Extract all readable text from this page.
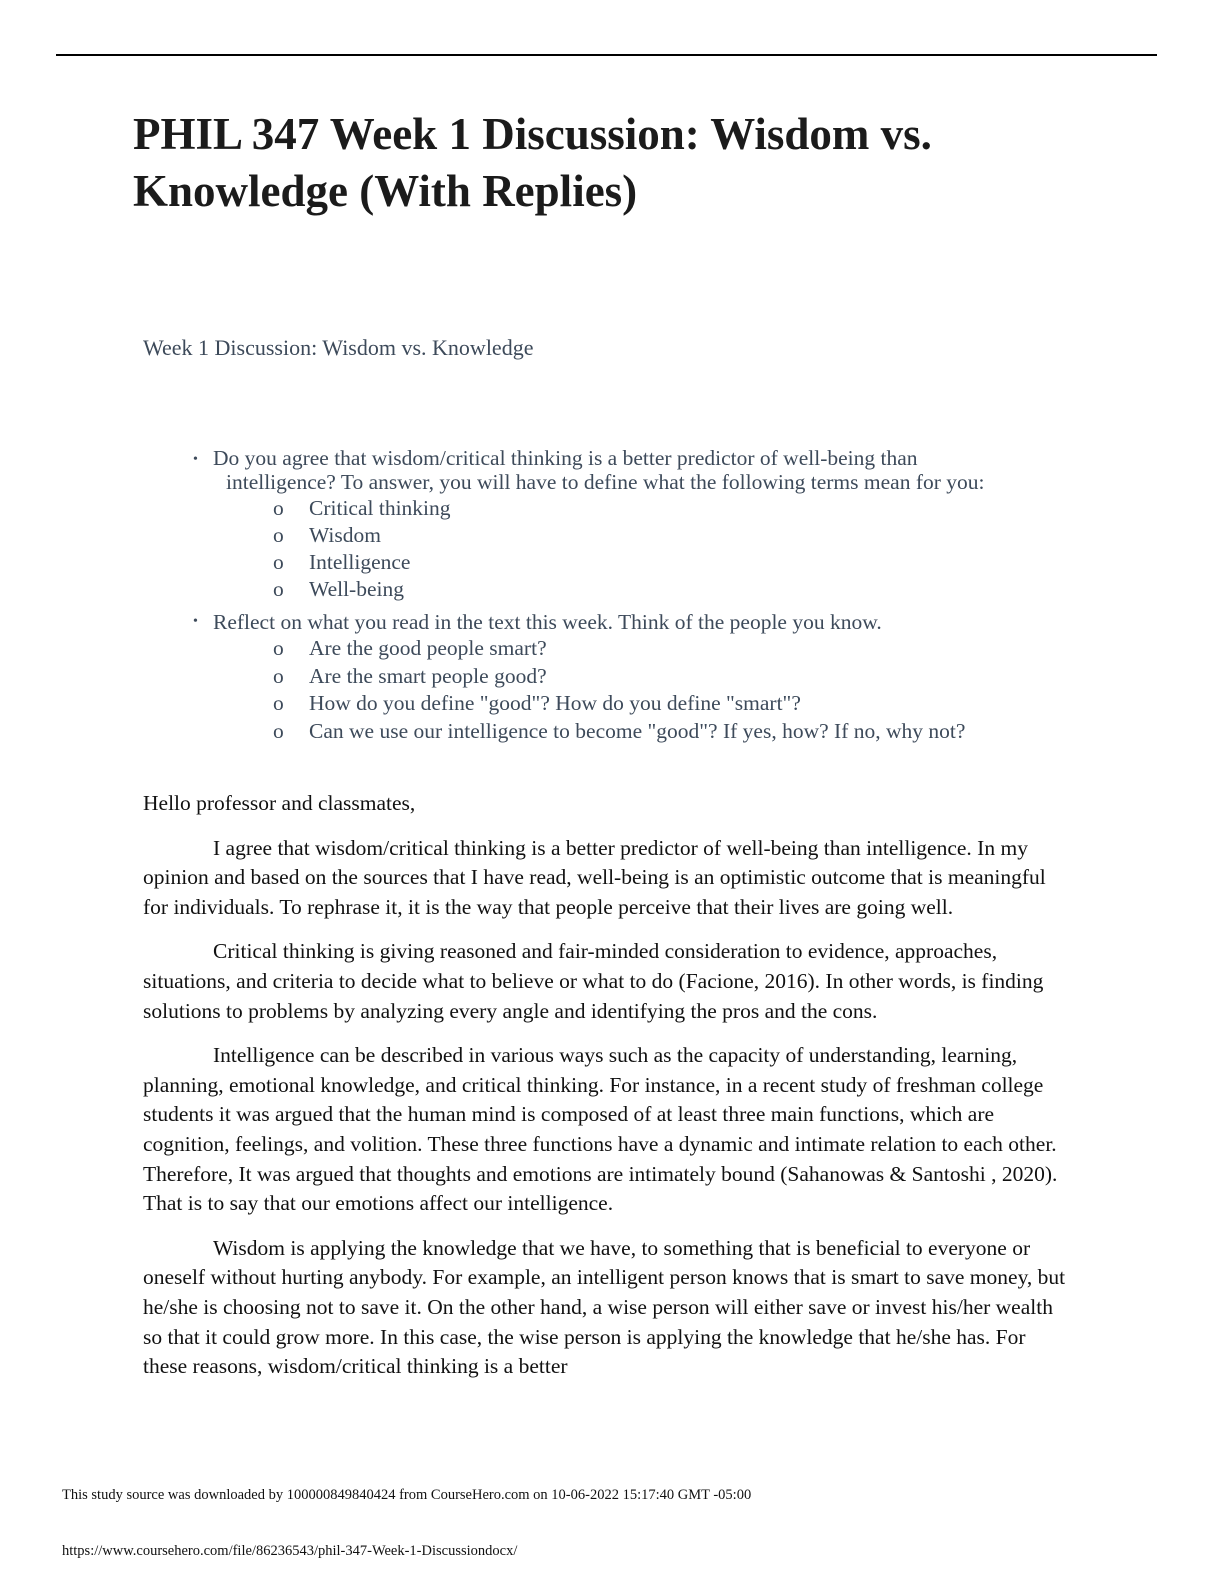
PHIL 347 Week 1 Discussion: Wisdom vs. Knowledge (With Replies)
Week 1 Discussion: Wisdom vs. Knowledge
• Do you agree that wisdom/critical thinking is a better predictor of well-being than
intelligence? To answer, you will have to define what the following terms mean for you:
o Critical thinking
o Wisdom
o Intelligence
o Well-being
• Reflect on what you read in the text this week. Think of the people you know.
o Are the good people smart?
o Are the smart people good?
o How do you define "good"? How do you define "smart"?
o Can we use our intelligence to become "good"? If yes, how? If no, why not?

Hello professor and classmates,

I agree that wisdom/critical thinking is a better predictor of well-being than intelligence. In my opinion and based on the sources that I have read, well-being is an optimistic outcome that is meaningful for individuals. To rephrase it, it is the way that people perceive that their lives are going well.

Critical thinking is giving reasoned and fair-minded consideration to evidence, approaches, situations, and criteria to decide what to believe or what to do (Facione, 2016). In other words, is finding solutions to problems by analyzing every angle and identifying the pros and the cons.

Intelligence can be described in various ways such as the capacity of understanding, learning, planning, emotional knowledge, and critical thinking. For instance, in a recent study of freshman college students it was argued that the human mind is composed of at least three main functions, which are cognition, feelings, and volition. These three functions have a dynamic and intimate relation to each other. Therefore, It was argued that thoughts and emotions are intimately bound (Sahanowas & Santoshi , 2020). That is to say that our emotions affect our intelligence.

Wisdom is applying the knowledge that we have, to something that is beneficial to everyone or oneself without hurting anybody. For example, an intelligent person knows that is smart to save money, but he/she is choosing not to save it. On the other hand, a wise person will either save or invest his/her wealth so that it could grow more. In this case, the wise person is applying the knowledge that he/she has. For these reasons, wisdom/critical thinking is a better

This study source was downloaded by 100000849840424 from CourseHero.com on 10-06-2022 15:17:40 GMT -05:00
https://www.coursehero.com/file/86236543/phil-347-Week-1-Discussiondocx/
